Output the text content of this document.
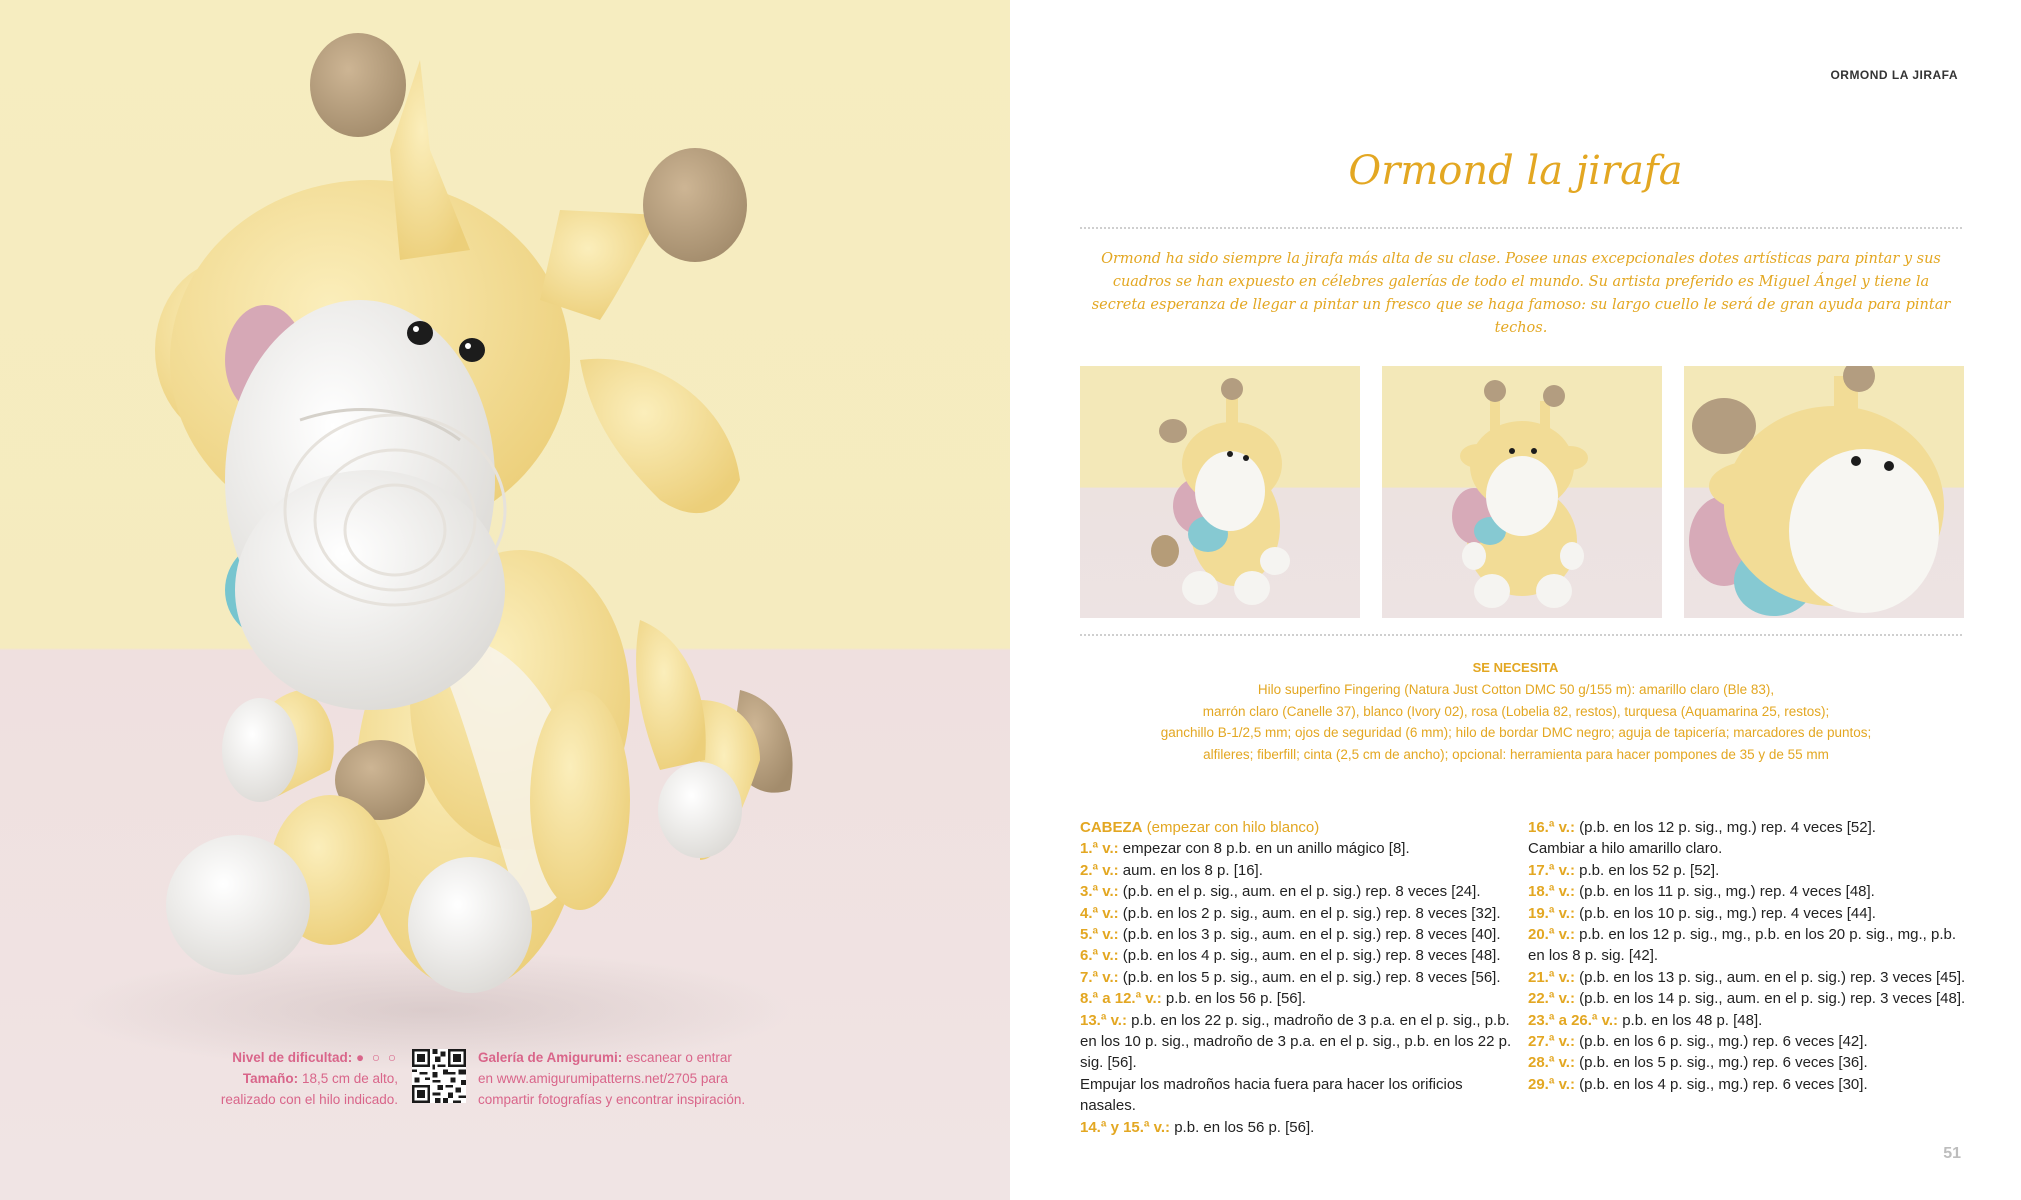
Nivel de dificultad: ● ○ ○
Tamaño: 18,5 cm de alto,
realizado con el hilo indicado.
Galería de Amigurumi: escanear o entrar
en www.amigurumipatterns.net/2705 para
compartir fotografías y encontrar inspiración.
ORMOND LA JIRAFA
Ormond la jirafa

Ormond ha sido siempre la jirafa más alta de su clase. Posee unas excepcionales dotes artísticas para pintar y sus cuadros se han expuesto en célebres galerías de todo el mundo. Su artista preferido es Miguel Ángel y tiene la secreta esperanza de llegar a pintar un fresco que se haga famoso: su largo cuello le será de gran ayuda para pintar techos.

SE NECESITA

Hilo superfino Fingering (Natura Just Cotton DMC 50 g/155 m): amarillo claro (Ble 83),
marrón claro (Canelle 37), blanco (Ivory 02), rosa (Lobelia 82, restos), turquesa (Aquamarina 25, restos);
ganchillo B-1/2,5 mm; ojos de seguridad (6 mm); hilo de bordar DMC negro; aguja de tapicería; marcadores de puntos;
alfileres; fiberfill; cinta (2,5 cm de ancho); opcional: herramienta para hacer pompones de 35 y de 55 mm

CABEZA (empezar con hilo blanco)
1.ª v.: empezar con 8 p.b. en un anillo mágico [8].
2.ª v.: aum. en los 8 p. [16].
3.ª v.: (p.b. en el p. sig., aum. en el p. sig.) rep. 8 veces [24].
4.ª v.: (p.b. en los 2 p. sig., aum. en el p. sig.) rep. 8 veces [32].
5.ª v.: (p.b. en los 3 p. sig., aum. en el p. sig.) rep. 8 veces [40].
6.ª v.: (p.b. en los 4 p. sig., aum. en el p. sig.) rep. 8 veces [48].
7.ª v.: (p.b. en los 5 p. sig., aum. en el p. sig.) rep. 8 veces [56].
8.ª a 12.ª v.: p.b. en los 56 p. [56].
13.ª v.: p.b. en los 22 p. sig., madroño de 3 p.a. en el p. sig., p.b. en los 10 p. sig., madroño de 3 p.a. en el p. sig., p.b. en los 22 p. sig. [56].
Empujar los madroños hacia fuera para hacer los orificios nasales.
14.ª y 15.ª v.: p.b. en los 56 p. [56].
16.ª v.: (p.b. en los 12 p. sig., mg.) rep. 4 veces [52].
Cambiar a hilo amarillo claro.
17.ª v.: p.b. en los 52 p. [52].
18.ª v.: (p.b. en los 11 p. sig., mg.) rep. 4 veces [48].
19.ª v.: (p.b. en los 10 p. sig., mg.) rep. 4 veces [44].
20.ª v.: p.b. en los 12 p. sig., mg., p.b. en los 20 p. sig., mg., p.b. en los 8 p. sig. [42].
21.ª v.: (p.b. en los 13 p. sig., aum. en el p. sig.) rep. 3 veces [45].
22.ª v.: (p.b. en los 14 p. sig., aum. en el p. sig.) rep. 3 veces [48].
23.ª a 26.ª v.: p.b. en los 48 p. [48].
27.ª v.: (p.b. en los 6 p. sig., mg.) rep. 6 veces [42].
28.ª v.: (p.b. en los 5 p. sig., mg.) rep. 6 veces [36].
29.ª v.: (p.b. en los 4 p. sig., mg.) rep. 6 veces [30].
51
